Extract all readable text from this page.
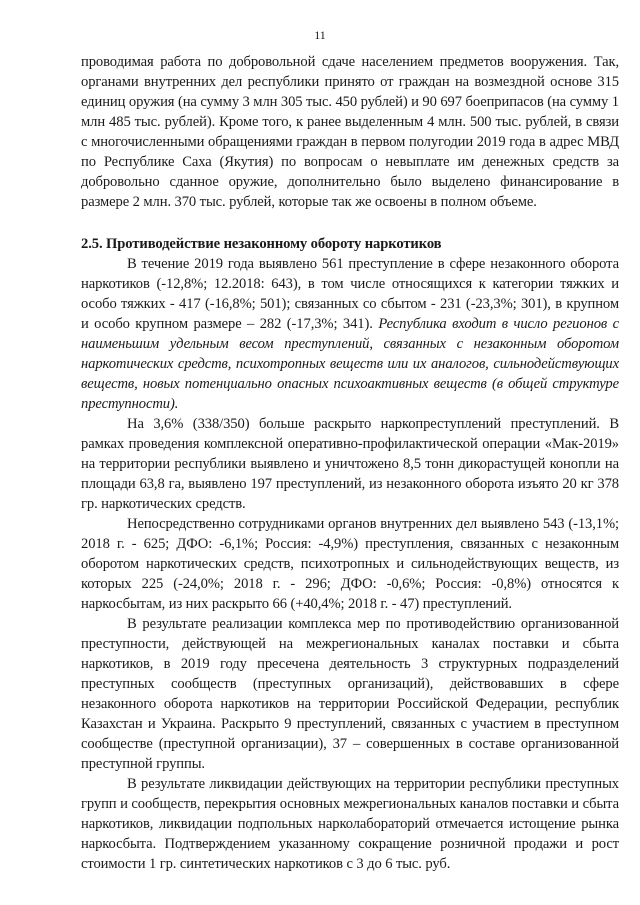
11

проводимая работа по добровольной сдаче населением предметов вооружения. Так, органами внутренних дел республики принято от граждан на возмездной основе 315 единиц оружия (на сумму 3 млн 305 тыс. 450 рублей) и 90 697 боеприпасов (на сумму 1 млн 485 тыс. рублей). Кроме того, к ранее выделенным 4 млн. 500 тыс. рублей, в связи с многочисленными обращениями граждан в первом полугодии 2019 года в адрес МВД по Республике Саха (Якутия) по вопросам о невыплате им денежных средств за добровольно сданное оружие, дополнительно было выделено финансирование в размере 2 млн. 370 тыс. рублей, которые так же освоены в полном объеме.

2.5. Противодействие незаконному обороту наркотиков

В течение 2019 года выявлено 561 преступление в сфере незаконного оборота наркотиков (-12,8%; 12.2018: 643), в том числе относящихся к категории тяжких и особо тяжких - 417 (-16,8%; 501); связанных со сбытом - 231 (-23,3%; 301), в крупном и особо крупном размере – 282 (-17,3%; 341). Республика входит в число регионов с наименьшим удельным весом преступлений, связанных с незаконным оборотом наркотических средств, психотропных веществ или их аналогов, сильнодействующих веществ, новых потенциально опасных психоактивных веществ (в общей структуре преступности).

На 3,6% (338/350) больше раскрыто наркопреступлений преступлений. В рамках проведения комплексной оперативно-профилактической операции «Мак-2019» на территории республики выявлено и уничтожено 8,5 тонн дикорастущей конопли на площади 63,8 га, выявлено 197 преступлений, из незаконного оборота изъято 20 кг 378 гр. наркотических средств.

Непосредственно сотрудниками органов внутренних дел выявлено 543 (-13,1%; 2018 г. - 625; ДФО: -6,1%; Россия: -4,9%) преступления, связанных с незаконным оборотом наркотических средств, психотропных и сильнодействующих веществ, из которых 225 (-24,0%; 2018 г. - 296; ДФО: -0,6%; Россия: -0,8%) относятся к наркосбытам, из них раскрыто 66 (+40,4%; 2018 г. - 47) преступлений.

В результате реализации комплекса мер по противодействию организованной преступности, действующей на межрегиональных каналах поставки и сбыта наркотиков, в 2019 году пресечена деятельность 3 структурных подразделений преступных сообществ (преступных организаций), действовавших в сфере незаконного оборота наркотиков на территории Российской Федерации, республик Казахстан и Украина. Раскрыто 9 преступлений, связанных с участием в преступном сообществе (преступной организации), 37 – совершенных в составе организованной преступной группы.

В результате ликвидации действующих на территории республики преступных групп и сообществ, перекрытия основных межрегиональных каналов поставки и сбыта наркотиков, ликвидации подпольных нарколабораторий отмечается истощение рынка наркосбыта. Подтверждением указанному сокращение розничной продажи и рост стоимости 1 гр. синтетических наркотиков с 3 до 6 тыс. руб.
